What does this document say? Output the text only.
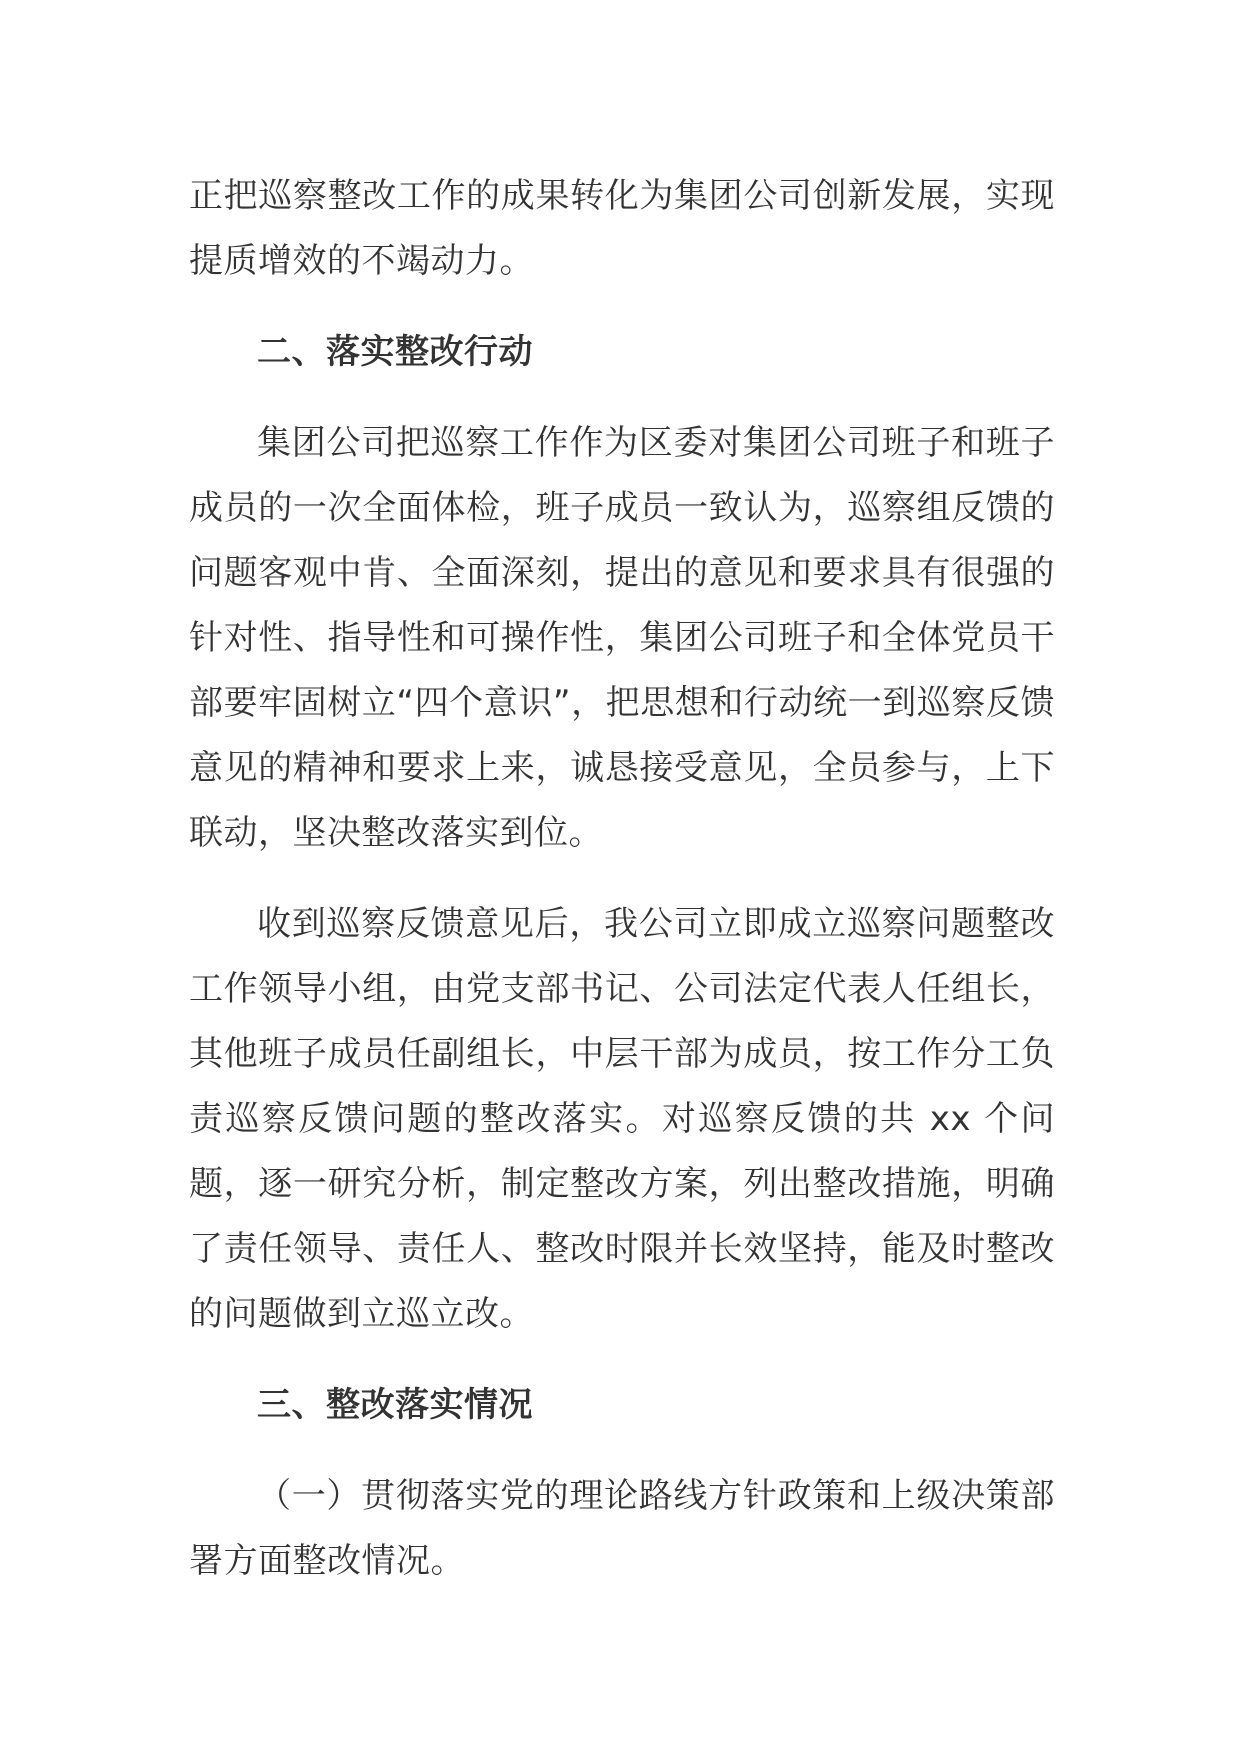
正把巡察整改工作的成果转化为集团公司创新发展，实现提质增效的不竭动力。

二、落实整改行动

集团公司把巡察工作作为区委对集团公司班子和班子成员的一次全面体检，班子成员一致认为，巡察组反馈的问题客观中肯、全面深刻，提出的意见和要求具有很强的针对性、指导性和可操作性，集团公司班子和全体党员干部要牢固树立“四个意识”，把思想和行动统一到巡察反馈意见的精神和要求上来，诚恳接受意见，全员参与，上下联动，坚决整改落实到位。

收到巡察反馈意见后，我公司立即成立巡察问题整改工作领导小组，由党支部书记、公司法定代表人任组长，其他班子成员任副组长，中层干部为成员，按工作分工负责巡察反馈问题的整改落实。对巡察反馈的共 xx 个问题，逐一研究分析，制定整改方案，列出整改措施，明确了责任领导、责任人、整改时限并长效坚持，能及时整改的问题做到立巡立改。

三、整改落实情况

（一）贯彻落实党的理论路线方针政策和上级决策部署方面整改情况。
